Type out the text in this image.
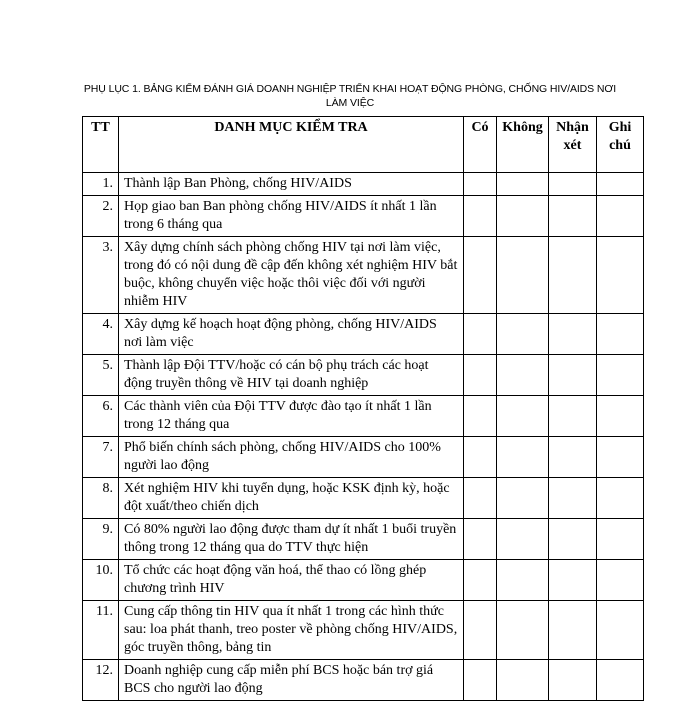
PHỤ LỤC 1. BẢNG KIỂM ĐÁNH GIÁ DOANH NGHIỆP TRIỂN KHAI HOẠT ĐỘNG PHÒNG, CHỐNG HIV/AIDS NƠI LÀM VIỆC
TT	DANH MỤC KIỂM TRA	Có	Không	Nhận xét	Ghi chú
1.	Thành lập Ban Phòng, chống HIV/AIDS				
2.	Họp giao ban Ban phòng chống HIV/AIDS ít nhất 1 lần trong 6 tháng qua				
3.	Xây dựng chính sách phòng chống HIV tại nơi làm việc, trong đó có nội dung đề cập đến không xét nghiệm HIV bắt buộc, không chuyển việc hoặc thôi việc đối với người nhiễm HIV				
4.	Xây dựng kế hoạch hoạt động phòng, chống HIV/AIDS nơi làm việc				
5.	Thành lập Đội TTV/hoặc có cán bộ phụ trách các hoạt động truyền thông về HIV tại doanh nghiệp				
6.	Các thành viên của Đội TTV được đào tạo ít nhất 1 lần trong 12 tháng qua				
7.	Phổ biến chính sách phòng, chống HIV/AIDS cho 100% người lao động				
8.	Xét nghiệm HIV khi tuyển dụng, hoặc KSK định kỳ, hoặc đột xuất/theo chiến dịch				
9.	Có 80% người lao động được tham dự ít nhất 1 buổi truyền thông trong 12 tháng qua do TTV thực hiện				
10.	Tổ chức các hoạt động văn hoá, thể thao có lồng ghép chương trình HIV				
11.	Cung cấp thông tin HIV qua ít nhất 1 trong các hình thức sau: loa phát thanh, treo poster về phòng chống HIV/AIDS, góc truyền thông, bảng tin				
12.	Doanh nghiệp cung cấp miễn phí BCS hoặc bán trợ giá BCS cho người lao động				
